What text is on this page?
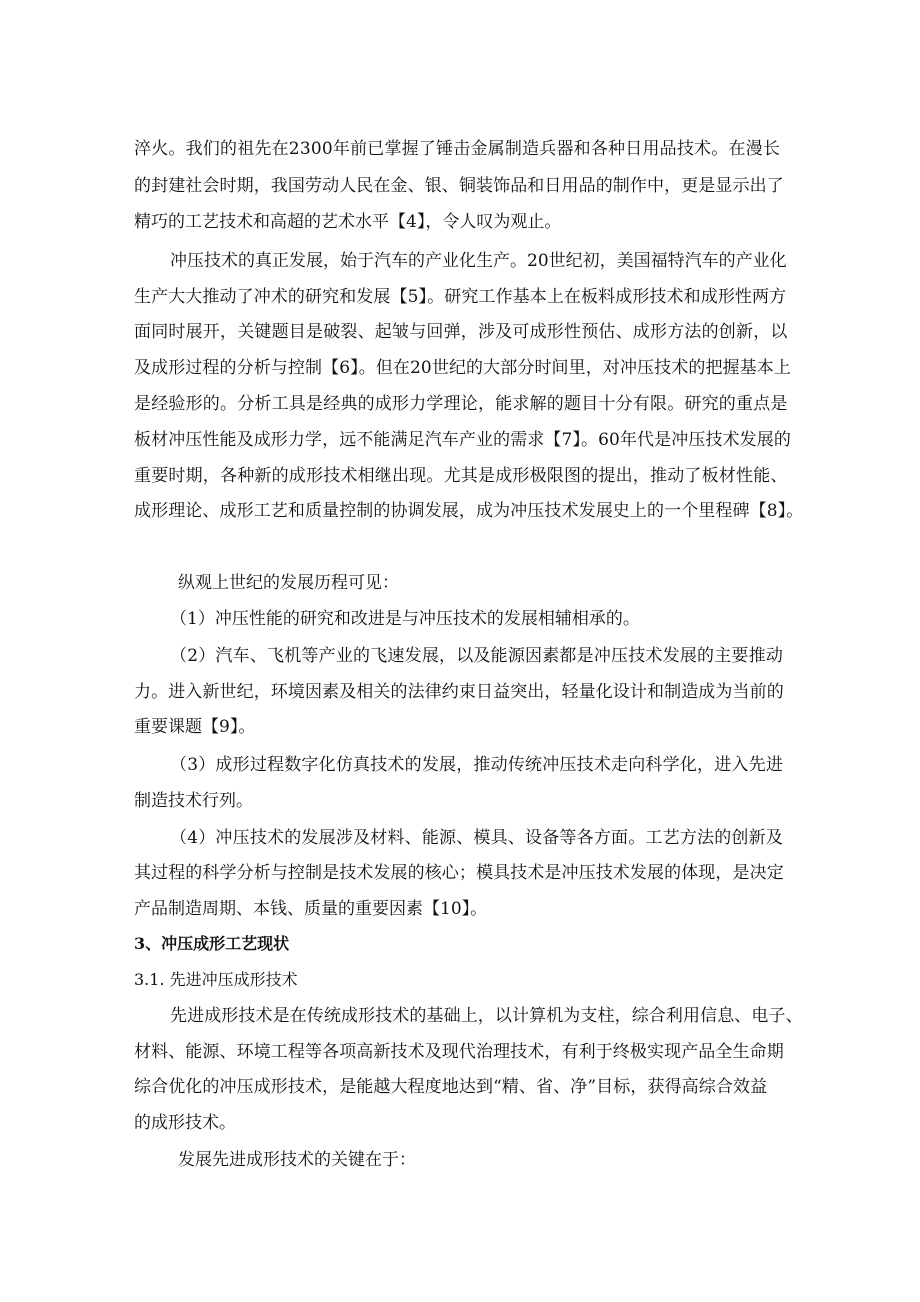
淬火。我们的祖先在2300年前已掌握了锤击金属制造兵器和各种日用品技术。在漫长
的封建社会时期，我国劳动人民在金、银、铜装饰品和日用品的制作中，更是显示出了
精巧的工艺技术和高超的艺术水平【4】，令人叹为观止。
冲压技术的真正发展，始于汽车的产业化生产。20世纪初，美国福特汽车的产业化
生产大大推动了冲术的研究和发展【5】。研究工作基本上在板料成形技术和成形性两方
面同时展开，关键题目是破裂、起皱与回弹，涉及可成形性预估、成形方法的创新，以
及成形过程的分析与控制【6】。但在20世纪的大部分时间里，对冲压技术的把握基本上
是经验形的。分析工具是经典的成形力学理论，能求解的题目十分有限。研究的重点是
板材冲压性能及成形力学，远不能满足汽车产业的需求【7】。60年代是冲压技术发展的
重要时期，各种新的成形技术相继出现。尤其是成形极限图的提出，推动了板材性能、
成形理论、成形工艺和质量控制的协调发展，成为冲压技术发展史上的一个里程碑【8】。
纵观上世纪的发展历程可见：
（1）冲压性能的研究和改进是与冲压技术的发展相辅相承的。
（2）汽车、飞机等产业的飞速发展，以及能源因素都是冲压技术发展的主要推动
力。进入新世纪，环境因素及相关的法律约束日益突出，轻量化设计和制造成为当前的
重要课题【9】。
（3）成形过程数字化仿真技术的发展，推动传统冲压技术走向科学化，进入先进
制造技术行列。
（4）冲压技术的发展涉及材料、能源、模具、设备等各方面。工艺方法的创新及
其过程的科学分析与控制是技术发展的核心；模具技术是冲压技术发展的体现，是决定
产品制造周期、本钱、质量的重要因素【10】。
3、冲压成形工艺现状
3.1. 先进冲压成形技术
先进成形技术是在传统成形技术的基础上，以计算机为支柱，综合利用信息、电子、
材料、能源、环境工程等各项高新技术及现代治理技术，有利于终极实现产品全生命期
综合优化的冲压成形技术，是能越大程度地达到“精、省、净”目标，获得高综合效益
的成形技术。
发展先进成形技术的关键在于：
